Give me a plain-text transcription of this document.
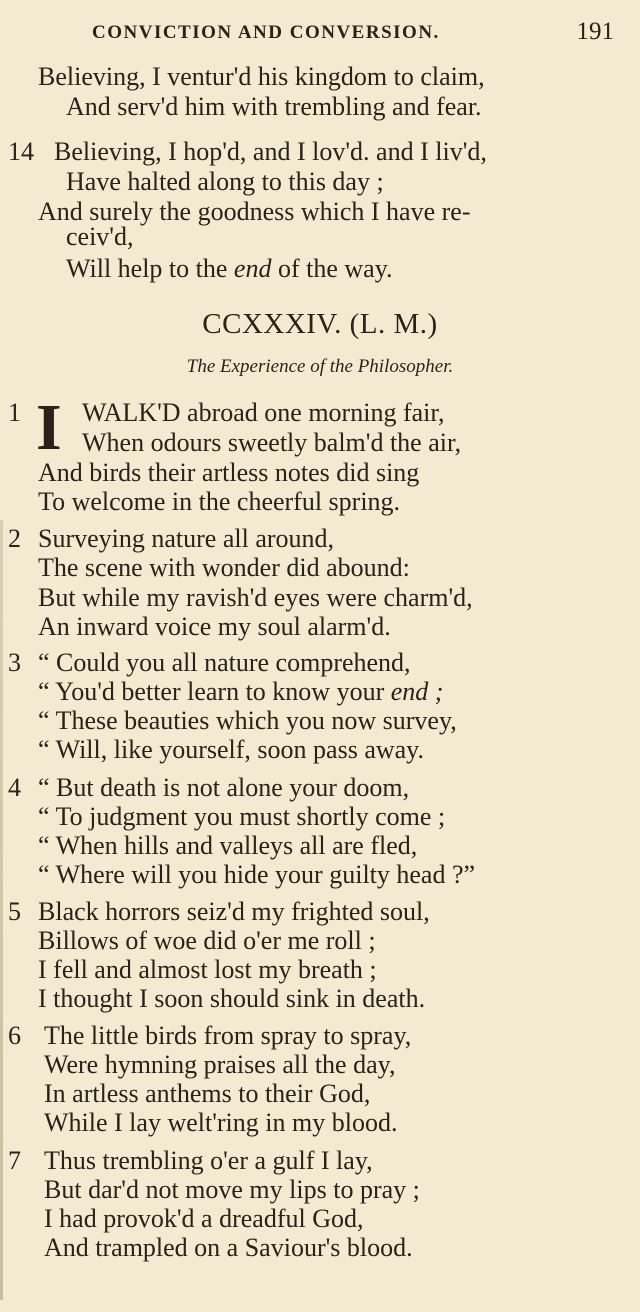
CONVICTION AND CONVERSION.	191
Believing, I ventur'd his kingdom to claim,
And serv'd him with trembling and fear.
14 Believing, I hop'd, and I lov'd. and I liv'd,
Have halted along to this day ;
And surely the goodness which I have re-
ceiv'd,
Will help to the end of the way.
CCXXXIV. (L. M.)
The Experience of the Philosopher.
1 I WALK'D abroad one morning fair,
When odours sweetly balm'd the air,
And birds their artless notes did sing
To welcome in the cheerful spring.
2 Surveying nature all around,
The scene with wonder did abound:
But while my ravish'd eyes were charm'd,
An inward voice my soul alarm'd.
3 “ Could you all nature comprehend,
“ You'd better learn to know your end ;
“ These beauties which you now survey,
“ Will, like yourself, soon pass away.
4 “ But death is not alone your doom,
“ To judgment you must shortly come ;
“ When hills and valleys all are fled,
“ Where will you hide your guilty head ?”
5 Black horrors seiz'd my frighted soul,
Billows of woe did o'er me roll ;
I fell and almost lost my breath ;
I thought I soon should sink in death.
6 The little birds from spray to spray,
Were hymning praises all the day,
In artless anthems to their God,
While I lay welt'ring in my blood.
7 Thus trembling o'er a gulf I lay,
But dar'd not move my lips to pray ;
I had provok'd a dreadful God,
And trampled on a Saviour's blood.
